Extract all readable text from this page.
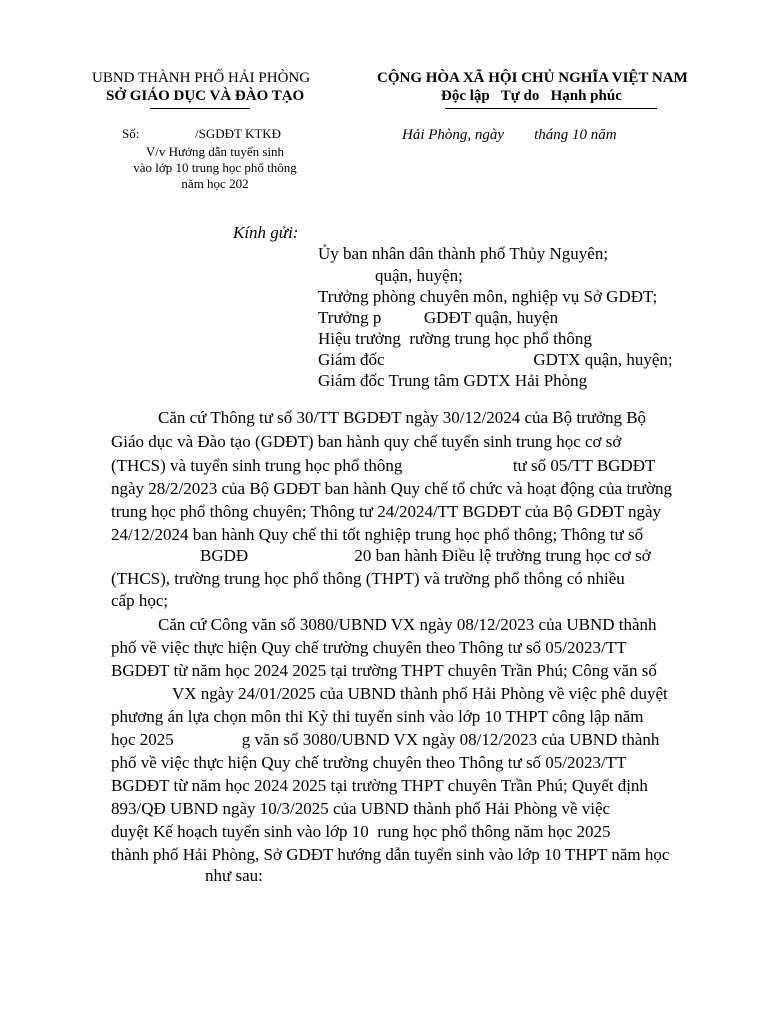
UBND THÀNH PHỐ HẢI PHÒNG
SỞ GIÁO DỤC VÀ ĐÀO TẠO
CỘNG HÒA XÃ HỘI CHỦ NGHĨA VIỆT NAM
Độc lập   Tự do   Hạnh phúc
Số:	/SGDĐT KTKĐ	Hải Phòng, ngày        tháng 10 năm
V/v Hướng dẫn tuyển sinh
vào lớp 10 trung học phổ thông
năm học 202
Kính gửi:
Ủy ban nhân dân thành phố Thủy Nguyên;
quận, huyện;
Trưởng phòng chuyên môn, nghiệp vụ Sở GDĐT;
Trưởng p          GDĐT quận, huyện
Hiệu trưởng  rường trung học phổ thông
Giám đốc                                   GDTX quận, huyện;
Giám đốc Trung tâm GDTX Hải Phòng
Căn cứ Thông tư số 30/TT BGDĐT ngày 30/12/2024 của Bộ trưởng Bộ
Giáo dục và Đào tạo (GDĐT) ban hành quy chế tuyển sinh trung học cơ sở
(THCS) và tuyển sinh trung học phổ thông                          tư số 05/TT BGDĐT
ngày 28/2/2023 của Bộ GDĐT ban hành Quy chế tổ chức và hoạt động của trường
trung học phổ thông chuyên; Thông tư 24/2024/TT BGDĐT của Bộ GDĐT ngày
24/12/2024 ban hành Quy chế thi tốt nghiệp trung học phổ thông; Thông tư số
BGDĐ                         20 ban hành Điều lệ trường trung học cơ sở
(THCS), trường trung học phổ thông (THPT) và trường phổ thông có nhiều
cấp học;
Căn cứ Công văn số 3080/UBND VX ngày 08/12/2023 của UBND thành
phố về việc thực hiện Quy chế trường chuyên theo Thông tư số 05/2023/TT
BGDĐT từ năm học 2024 2025 tại trường THPT chuyên Trần Phú; Công văn số
VX ngày 24/01/2025 của UBND thành phố Hải Phòng về việc phê duyệt
phương án lựa chọn môn thi Kỳ thi tuyển sinh vào lớp 10 THPT công lập năm
học 2025                g văn số 3080/UBND VX ngày 08/12/2023 của UBND thành
phố về việc thực hiện Quy chế trường chuyên theo Thông tư số 05/2023/TT
BGDĐT từ năm học 2024 2025 tại trường THPT chuyên Trần Phú; Quyết định
893/QĐ UBND ngày 10/3/2025 của UBND thành phố Hải Phòng về việc
duyệt Kế hoạch tuyển sinh vào lớp 10  rung học phổ thông năm học 2025
thành phố Hải Phòng, Sở GDĐT hướng dẫn tuyển sinh vào lớp 10 THPT năm học
như sau:
